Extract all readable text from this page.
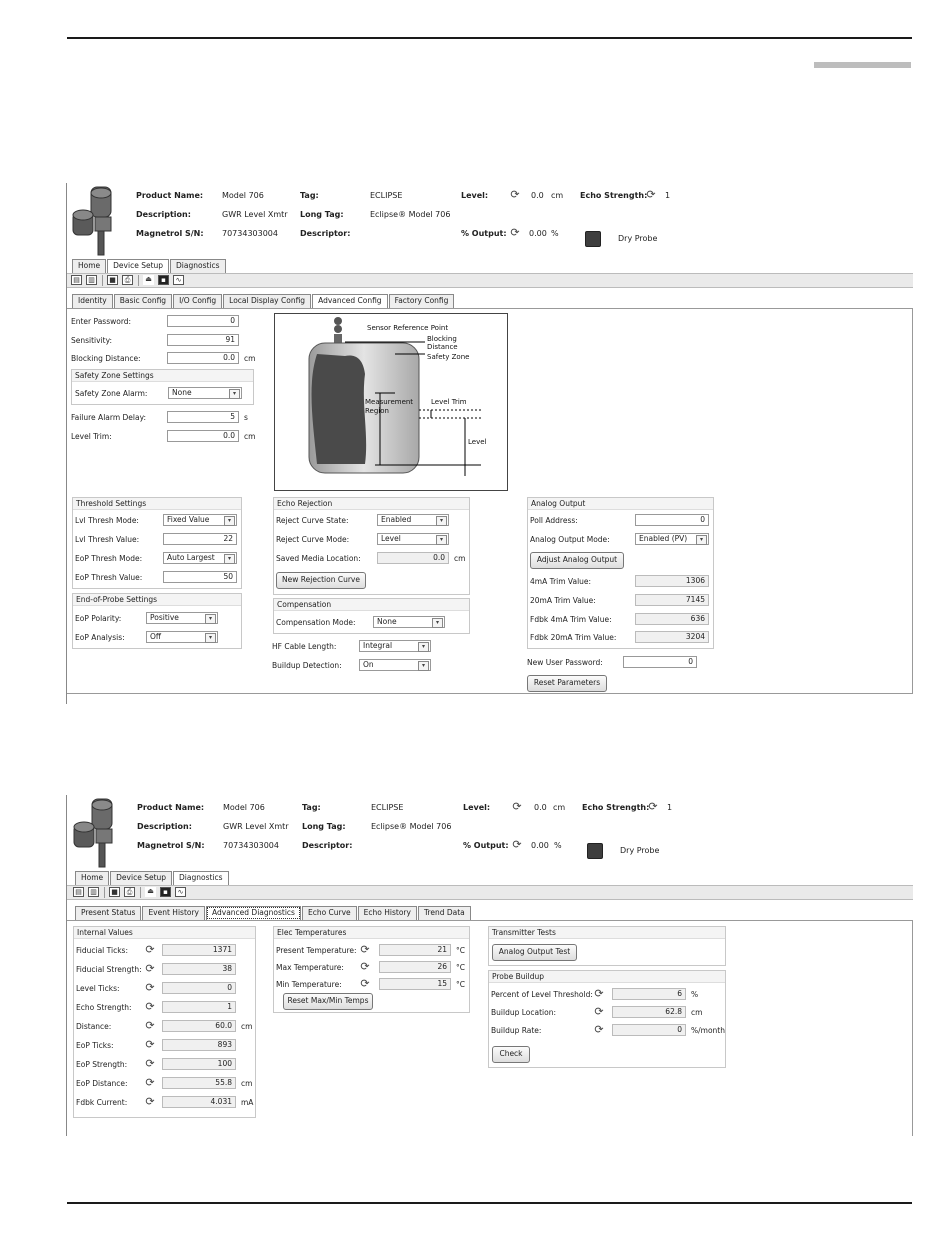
Product Name: Model 706
Description:	GWR Level Xmtr
Magnetrol S/N: 70734303004
Tag:	ECLIPSE
Long Tag:	Eclipse® Model 706
Descriptor:
Level: ⟳ 0.0 cm Echo Strength: ⟳ 1
% Output: ⟳ 0.00 %
Dry Probe
Home	Device Setup	Diagnostics
▤	▥	■	⎙	⏏	▪	∿
Identity	Basic Config	I/O Config	Local Display Config	Advanced Config	Factory Config
Enter Password:	0
Sensitivity:	91
Blocking Distance:	0.0	cm
Safety Zone Settings
Safety Zone Alarm:	None	▾
Failure Alarm Delay:	5	s
Level Trim:	0.0	cm
Sensor Reference Point
Blocking
Distance
Safety Zone
Measurement
Region
Level Trim
Level
Threshold Settings
Lvl Thresh Mode:	Fixed Value	▾
Lvl Thresh Value:	22
EoP Thresh Mode:	Auto Largest	▾
EoP Thresh Value:	50
End-of-Probe Settings
EoP Polarity:	Positive	▾
EoP Analysis:	Off	▾
Echo Rejection
Reject Curve State:	Enabled	▾
Reject Curve Mode:	Level	▾
Saved Media Location:	0.0	cm
New Rejection Curve
Compensation
Compensation Mode:	None	▾
HF Cable Length:	Integral	▾
Buildup Detection:	On	▾
Analog Output
Poll Address:	0
Analog Output Mode:	Enabled (PV)	▾
Adjust Analog Output
4mA Trim Value:	1306
20mA Trim Value:	7145
Fdbk 4mA Trim Value:	636
Fdbk 20mA Trim Value:	3204
New User Password:	0
Reset Parameters
Product Name: Model 706
Description:	GWR Level Xmtr
Magnetrol S/N: 70734303004
Tag:	ECLIPSE
Long Tag:	Eclipse® Model 706
Descriptor:
Level: ⟳ 0.0 cm Echo Strength: ⟳ 1
% Output: ⟳ 0.00 %
Dry Probe
Home	Device Setup	Diagnostics
▤	▥	■	⎙	⏏	▪	∿
Present Status	Event History	Advanced Diagnostics	Echo Curve	Echo History	Trend Data
Internal Values
Fiducial Ticks: ⟳	1371
Fiducial Strength: ⟳	38
Level Ticks: ⟳	0
Echo Strength: ⟳	1
Distance:	⟳	60.0	cm
EoP Ticks:	⟳	893
EoP Strength: ⟳	100
EoP Distance: ⟳	55.8	cm
Fdbk Current: ⟳	4.031	mA
Elec Temperatures
Present Temperature: ⟳	21	°C
Max Temperature: ⟳	26	°C
Min Temperature: ⟳	15	°C
Reset Max/Min Temps
Transmitter Tests
Analog Output Test
Probe Buildup
Percent of Level Threshold: ⟳	6	%
Buildup Location:	⟳	62.8	cm
Buildup Rate:	⟳	0	%/month
Check
